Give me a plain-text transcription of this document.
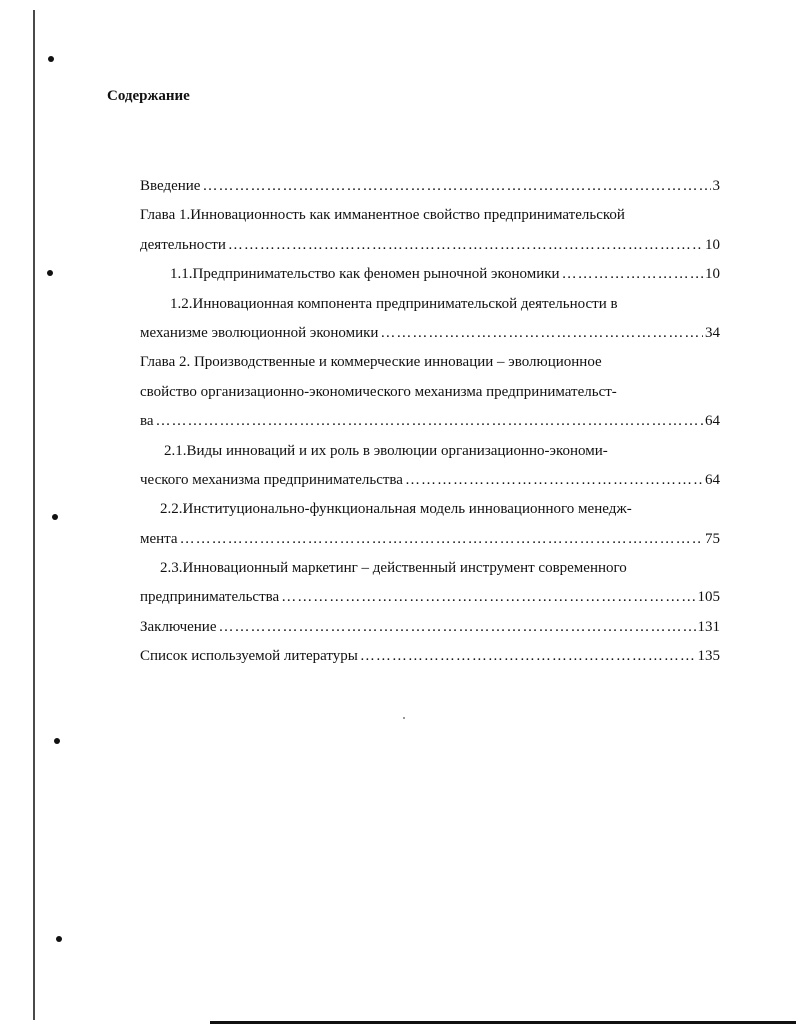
Содержание
Введение ……………………………………………………………………………………………………………………	3
Глава 1.Инновационность как имманентное свойство предпринимательской
деятельности ……………………………………………………………………………………………………………………	10
1.1.Предпринимательство как феномен рыночной экономики ……………………………………………………………………………………………………………………	10
1.2.Инновационная компонента предпринимательской деятельности в
механизме эволюционной экономики ……………………………………………………………………………………………………………………	34
Глава 2. Производственные и коммерческие инновации – эволюционное
свойство организационно-экономического механизма предпринимательст-
ва ……………………………………………………………………………………………………………………	64
2.1.Виды инноваций и их роль в эволюции организационно-экономи-
ческого механизма предпринимательства ……………………………………………………………………………………………………………………	64
2.2.Институционально-функциональная модель инновационного менедж-
мента ……………………………………………………………………………………………………………………	75
2.3.Инновационный маркетинг – действенный инструмент современного
предпринимательства ……………………………………………………………………………………………………………………	105
Заключение ……………………………………………………………………………………………………………………	131
Список используемой литературы ……………………………………………………………………………………………………………………	135
